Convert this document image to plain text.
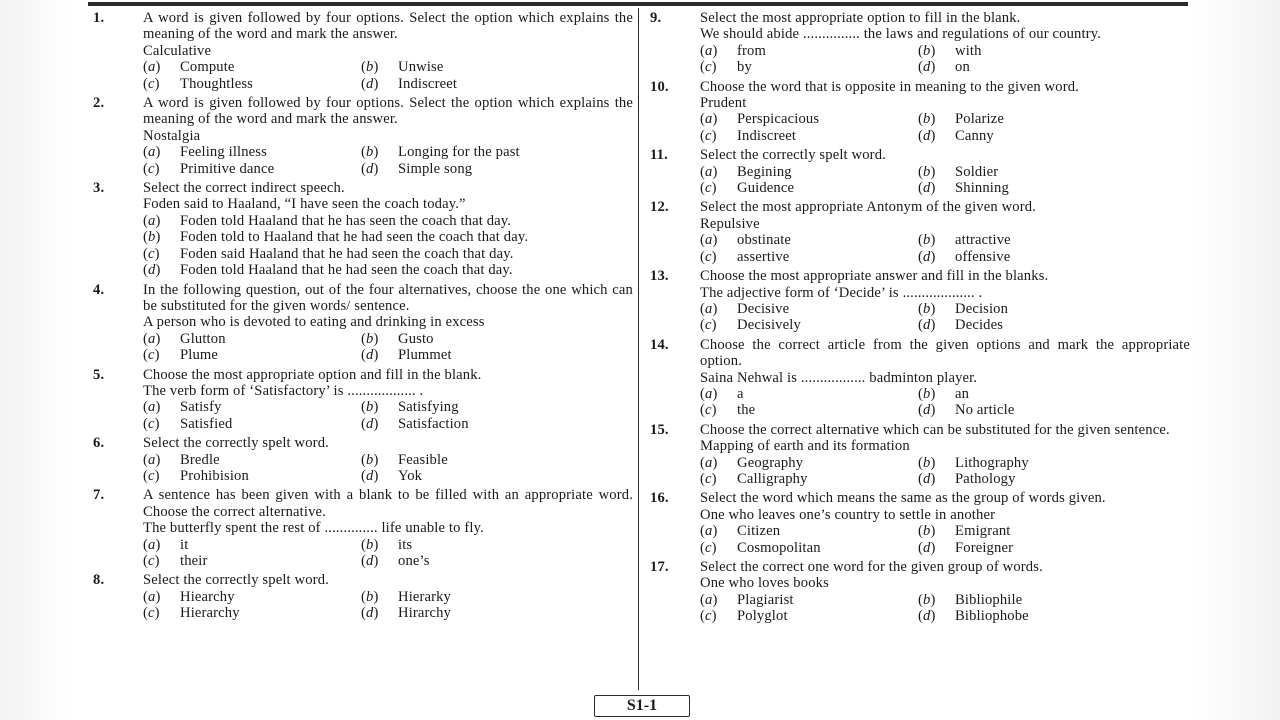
1.	A word is given followed by four options. Select the option which explains the meaning of the word and mark the answer.

Calculative

(a) Compute	(b) Unwise
(c) Thoughtless	(d) Indiscreet
2.	A word is given followed by four options. Select the option which explains the meaning of the word and mark the answer.

Nostalgia

(a) Feeling illness	(b) Longing for the past
(c) Primitive dance	(d) Simple song
3.	Select the correct indirect speech.

Foden said to Haaland, “I have seen the coach today.”

(a)	Foden told Haaland that he has seen the coach that day.
(b)	Foden told to Haaland that he had seen the coach that day.
(c)	Foden said Haaland that he had seen the coach that day.
(d)	Foden told Haaland that he had seen the coach that day.
4.	In the following question, out of the four alternatives, choose the one which can be substituted for the given words/ sentence.

A person who is devoted to eating and drinking in excess

(a) Glutton	(b) Gusto
(c) Plume	(d) Plummet
5.	Choose the most appropriate option and fill in the blank.

The verb form of ‘Satisfactory’ is .................. .

(a) Satisfy	(b) Satisfying
(c) Satisfied	(d) Satisfaction
6.	Select the correctly spelt word.

(a) Bredle	(b) Feasible
(c) Prohibision	(d) Yok
7.	A sentence has been given with a blank to be filled with an appropriate word. Choose the correct alternative.

The butterfly spent the rest of .............. life unable to fly.

(a) it	(b) its
(c) their	(d) one’s
8.	Select the correctly spelt word.

(a) Hiearchy	(b) Hierarky
(c) Hierarchy	(d) Hirarchy
9.	Select the most appropriate option to fill in the blank.

We should abide ............... the laws and regulations of our country.

(a) from	(b) with
(c) by	(d) on
10. Choose the word that is opposite in meaning to the given word.

Prudent

(a) Perspicacious	(b) Polarize
(c) Indiscreet	(d) Canny
11. Select the correctly spelt word.

(a) Begining	(b) Soldier
(c) Guidence	(d) Shinning
12. Select the most appropriate Antonym of the given word.

Repulsive

(a) obstinate	(b) attractive
(c) assertive	(d) offensive
13. Choose the most appropriate answer and fill in the blanks.

The adjective form of ‘Decide’ is ................... .

(a) Decisive	(b) Decision
(c) Decisively	(d) Decides
14. Choose the correct article from the given options and mark the appropriate option.

Saina Nehwal is ................. badminton player.

(a) a	(b) an
(c) the	(d) No article
15. Choose the correct alternative which can be substituted for the given sentence.

Mapping of earth and its formation

(a) Geography	(b) Lithography
(c) Calligraphy	(d) Pathology
16. Select the word which means the same as the group of words given.

One who leaves one’s country to settle in another

(a) Citizen	(b) Emigrant
(c) Cosmopolitan	(d) Foreigner
17. Select the correct one word for the given group of words.

One who loves books

(a) Plagiarist	(b) Bibliophile
(c) Polyglot	(d) Bibliophobe
S1-1
